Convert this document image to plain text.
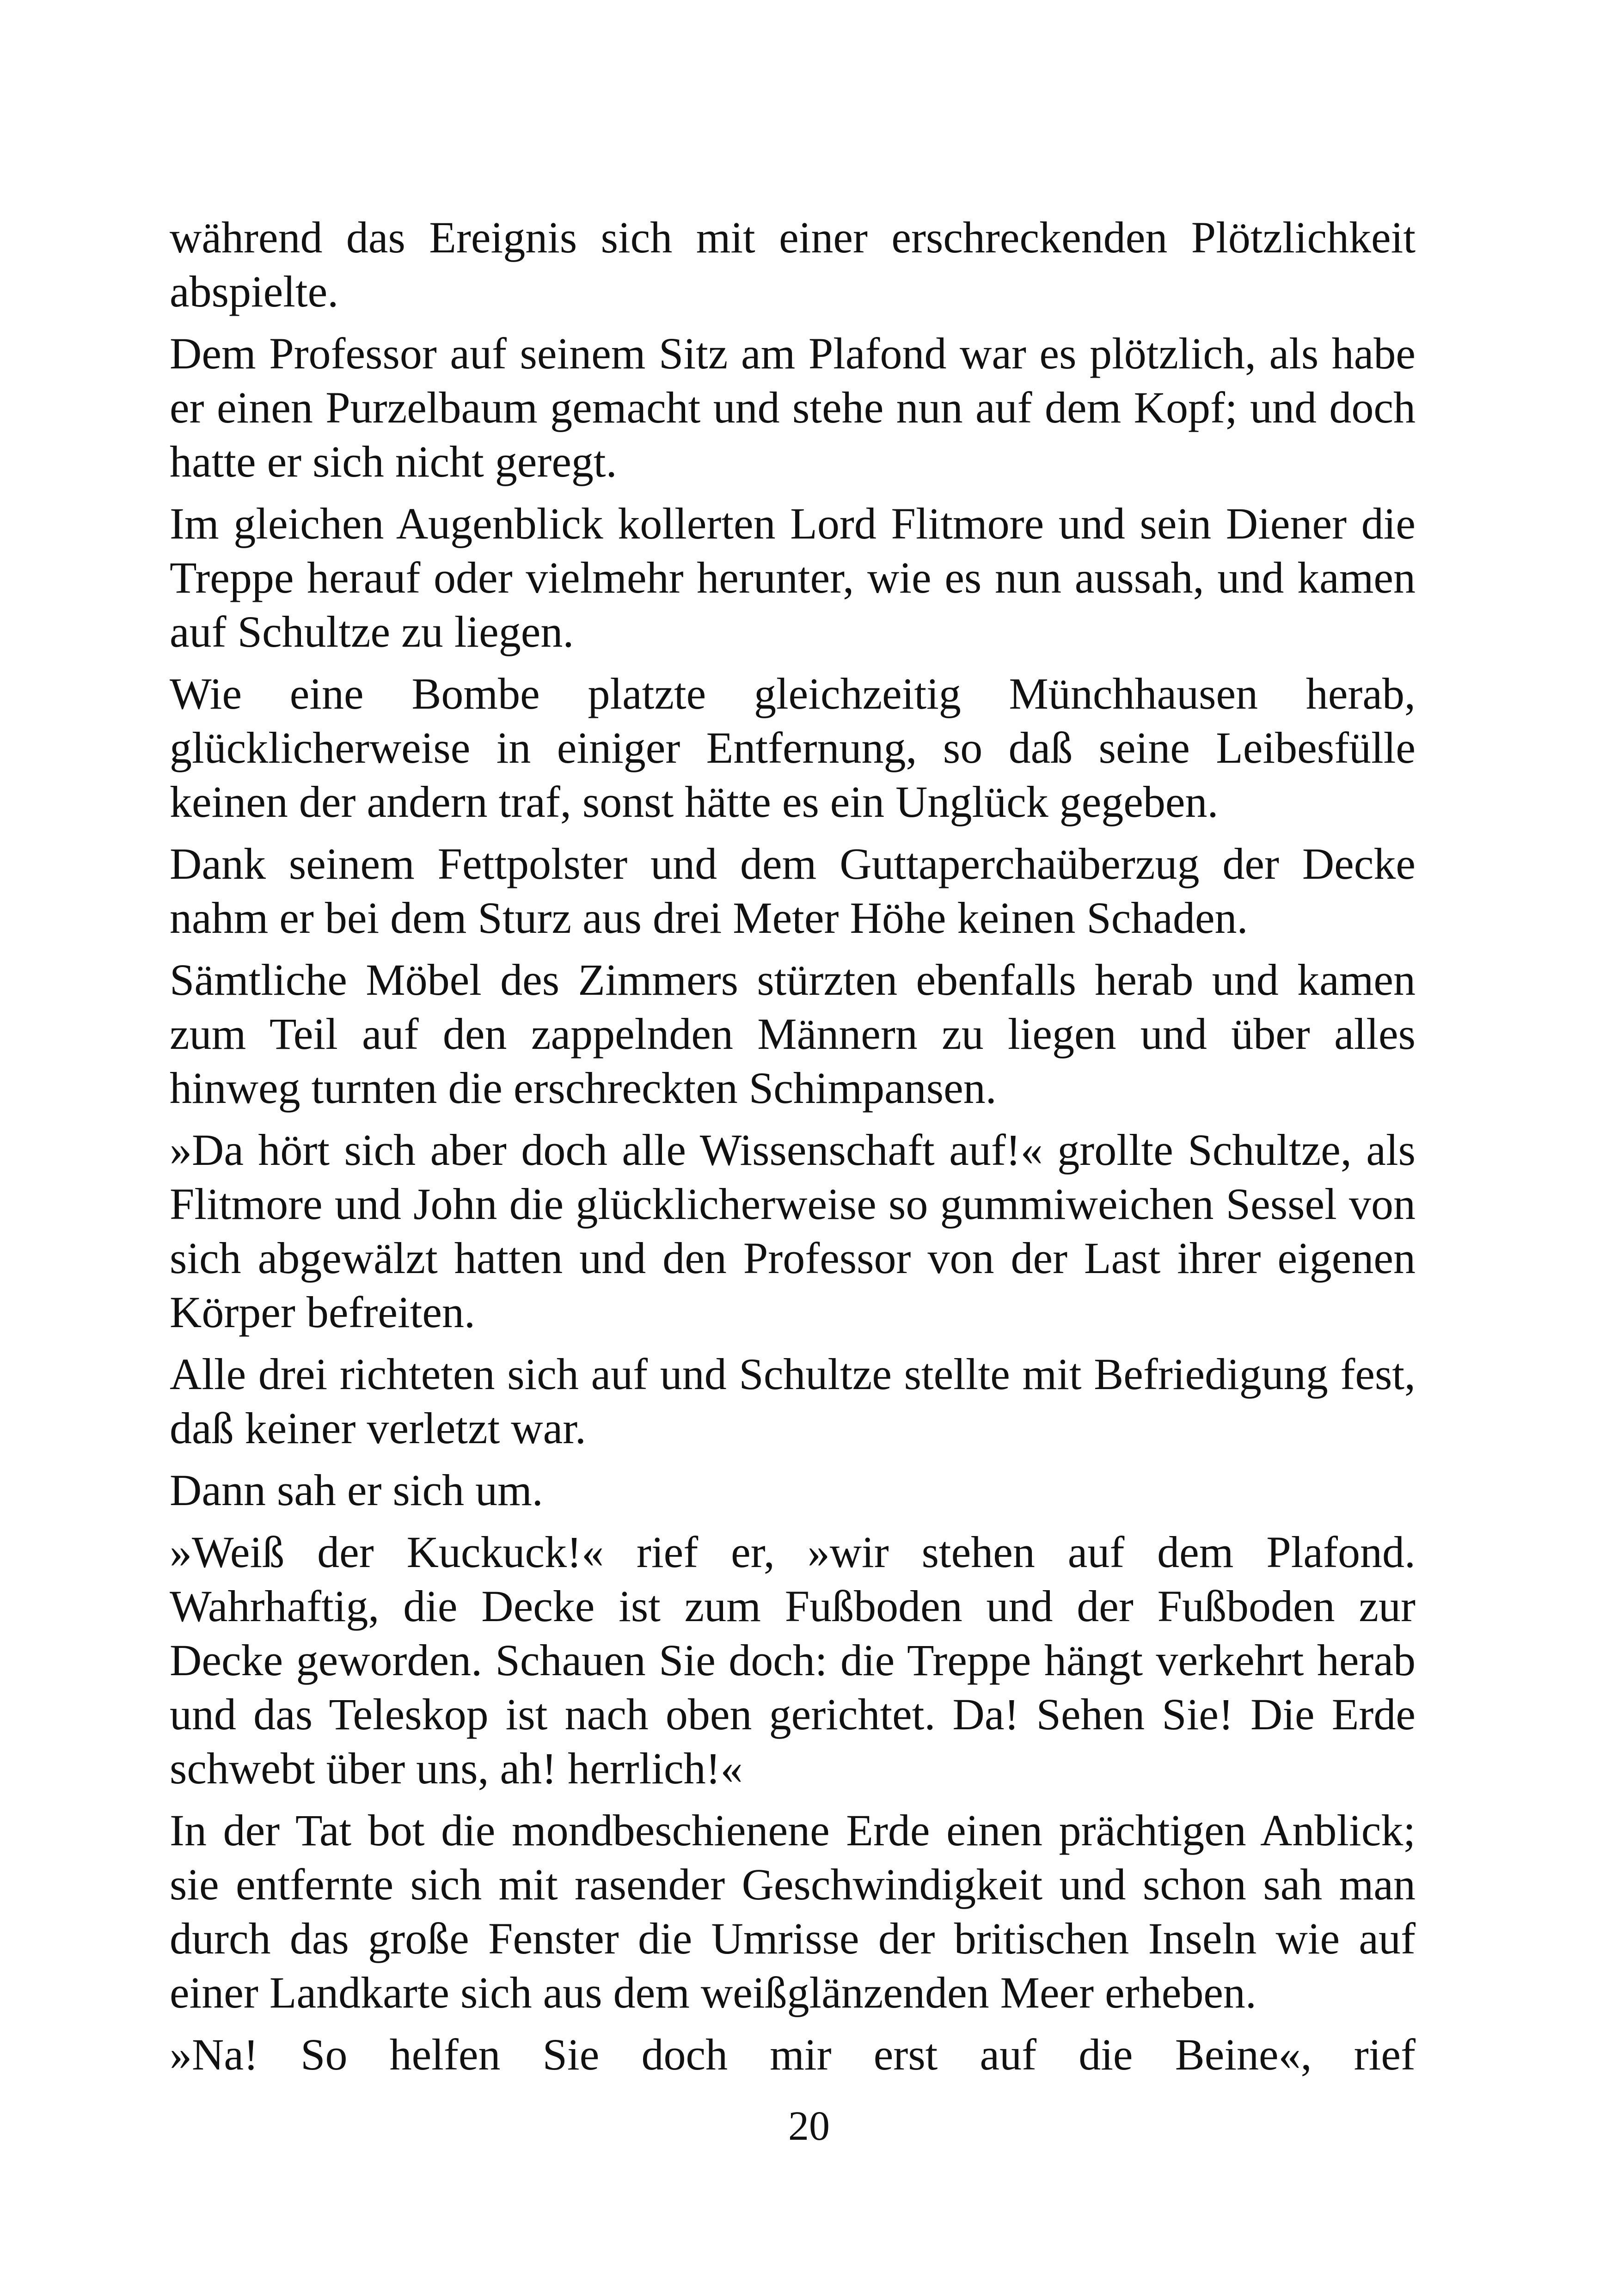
während das Ereignis sich mit einer erschreckenden Plötzlichkeit abspielte.

Dem Professor auf seinem Sitz am Plafond war es plötzlich, als habe er einen Purzelbaum gemacht und stehe nun auf dem Kopf; und doch hatte er sich nicht geregt.

Im gleichen Augenblick kollerten Lord Flitmore und sein Diener die Treppe herauf oder vielmehr herunter, wie es nun aussah, und kamen auf Schultze zu liegen.

Wie eine Bombe platzte gleichzeitig Münchhausen herab, glücklicherweise in einiger Entfernung, so daß seine Leibesfülle keinen der andern traf, sonst hätte es ein Unglück gegeben.

Dank seinem Fettpolster und dem Guttaperchaüberzug der Decke nahm er bei dem Sturz aus drei Meter Höhe keinen Schaden.

Sämtliche Möbel des Zimmers stürzten ebenfalls herab und kamen zum Teil auf den zappelnden Männern zu liegen und über alles hinweg turnten die erschreckten Schimpansen.

»Da hört sich aber doch alle Wissenschaft auf!« grollte Schultze, als Flitmore und John die glücklicherweise so gummiweichen Sessel von sich abgewälzt hatten und den Professor von der Last ihrer eigenen Körper befreiten.

Alle drei richteten sich auf und Schultze stellte mit Befriedigung fest, daß keiner verletzt war.

Dann sah er sich um.

»Weiß der Kuckuck!« rief er, »wir stehen auf dem Plafond. Wahrhaftig, die Decke ist zum Fußboden und der Fußboden zur Decke geworden. Schauen Sie doch: die Treppe hängt verkehrt herab und das Teleskop ist nach oben gerichtet. Da! Sehen Sie! Die Erde schwebt über uns, ah! herrlich!«

In der Tat bot die mondbeschienene Erde einen prächtigen Anblick; sie entfernte sich mit rasender Geschwindigkeit und schon sah man durch das große Fenster die Umrisse der britischen Inseln wie auf einer Landkarte sich aus dem weißglänzenden Meer erheben.

»Na! So helfen Sie doch mir erst auf die Beine«, rief

20
